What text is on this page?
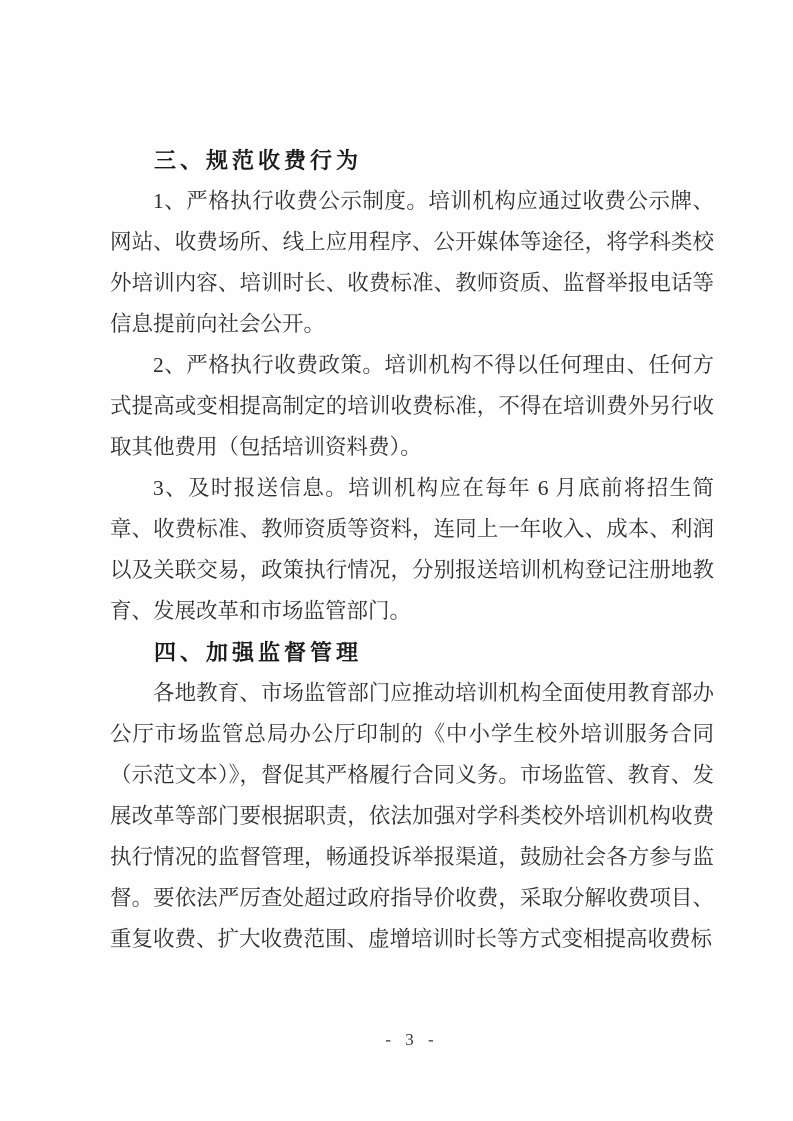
三、规范收费行为

1、严格执行收费公示制度。培训机构应通过收费公示牌、网站、收费场所、线上应用程序、公开媒体等途径，将学科类校外培训内容、培训时长、收费标准、教师资质、监督举报电话等信息提前向社会公开。

2、严格执行收费政策。培训机构不得以任何理由、任何方式提高或变相提高制定的培训收费标准，不得在培训费外另行收取其他费用（包括培训资料费）。

3、及时报送信息。培训机构应在每年 6 月底前将招生简章、收费标准、教师资质等资料，连同上一年收入、成本、利润以及关联交易，政策执行情况，分别报送培训机构登记注册地教育、发展改革和市场监管部门。

四、加强监督管理

各地教育、市场监管部门应推动培训机构全面使用教育部办公厅市场监管总局办公厅印制的《中小学生校外培训服务合同（示范文本）》，督促其严格履行合同义务。市场监管、教育、发展改革等部门要根据职责，依法加强对学科类校外培训机构收费执行情况的监督管理，畅通投诉举报渠道，鼓励社会各方参与监督。要依法严厉查处超过政府指导价收费，采取分解收费项目、重复收费、扩大收费范围、虚增培训时长等方式变相提高收费标

- 3 -
